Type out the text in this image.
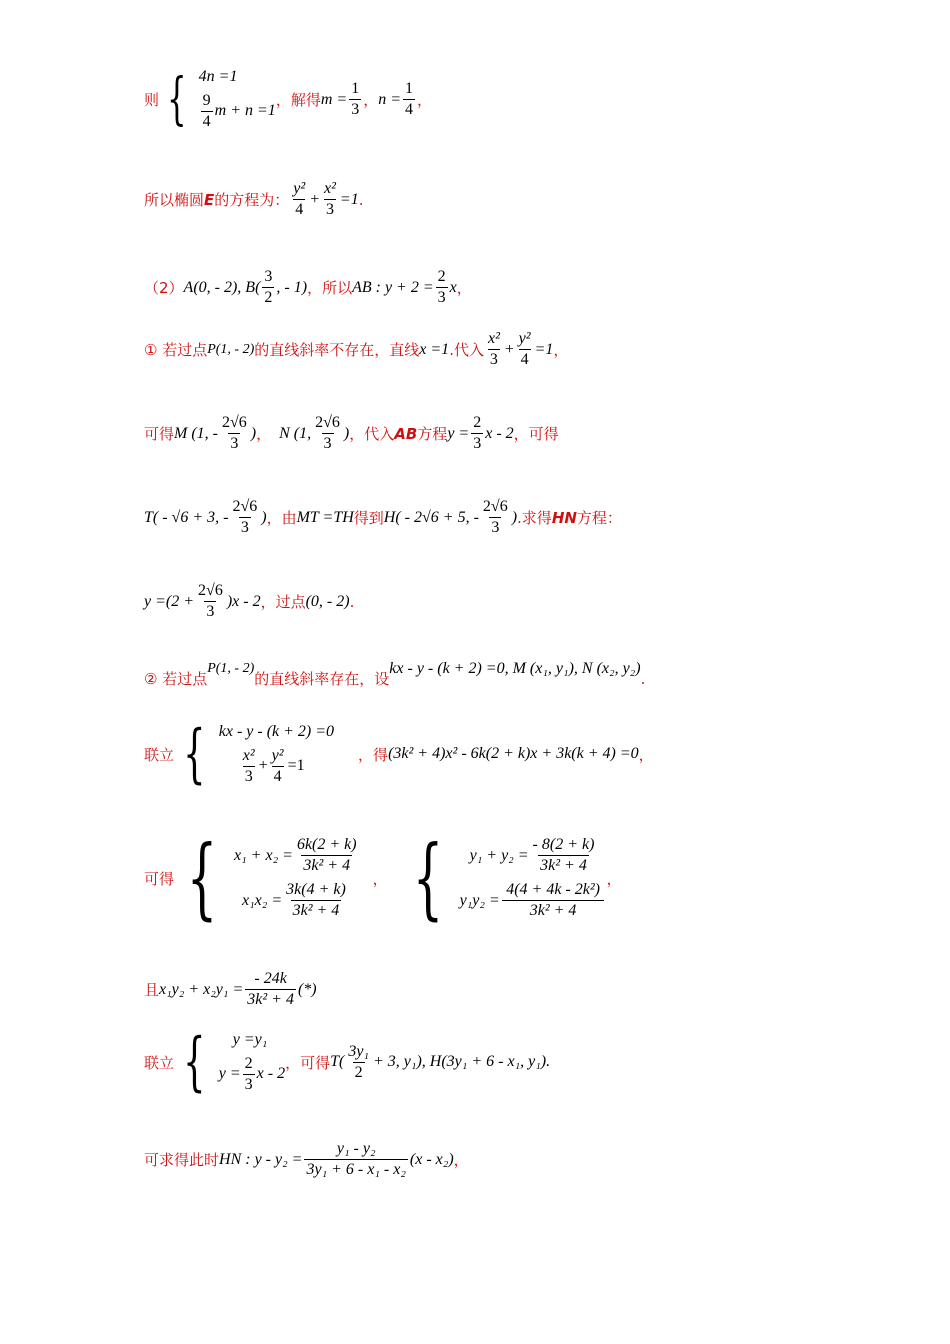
则 { 4n =1
$\frac{9}{4}$ m + n =1
，解得 $m = \frac{1}{3}$ ， $n = \frac{1}{4}$ ，
所以椭圆 E 的方程为： $\frac{\text{y²}}{4} + \frac{\text{x²}}{3} =1$ .
（2） A(0, - 2), $B( \frac{3}{2}$ , - 1) ，所以 AB : $y + 2 = \frac{2}{3}$ x ，
① 若过点 P(1, - 2) 的直线斜率不存在，直线 x =1 .代入 $\frac{\text{x²}}{3} + \frac{\text{y²}}{4} =1$ ，
可得 M (1, - $\frac{2√6}{3}$ ) ， N (1, $\frac{2√6}{3}$ ) ，代入 AB 方程 $y = \frac{2}{3}$ x - 2 ，可得
T( - √6 + 3, - $\frac{2√6}{3}$ ) ，由 MT =TH 得到 H( - 2√6 + 5, - $\frac{2√6}{3}$ ) .求得 HN 方程：
$y =(2 + \frac{2√6}{3} )x - 2$ ，过点 (0, - 2) .
② 若过点
P(1, - 2)
的直线斜率存在，设
kx - y - (k + 2) =0, M (x₁, y₁), N (x₂, y₂)
.
联立 { kx - y - (k + 2) =0
$\frac{\text{x²}}{3} + \frac{\text{y²}}{4} =1$
，得 (3k² + 4)x² - 6k(2 + k)x + 3k(k + 4) =0 ，
可得 { $x_1 + x_2 = \frac{6k(2 + k)}{\text{3k² + 4}}$
$x_1x_2 = \frac{3k(4 + k)}{\text{3k² + 4}}$
， { $y_1 + y_2 = \frac{- 8(2 + k)}{\text{3k² + 4}}$
$y_1y_2 = \frac{\text{4(4 + 4k - 2k²)}}{\text{3k² + 4}}$
，
且 $x_1y_2 + x_2y_1 = \frac{- 24k}{\text{3k² + 4}}$ (*)
联立 {	y =y₁
$y = \frac{2}{3}$ x - 2
，可得 $T( \frac{\text{3y₁}}{2} + 3$, y₁), H(3y₁ + 6 - x₁, y₁).
可求得此时 HN : $y - y_2 = \frac{\text{y₁ - y₂}}{\text{3y₁ + 6 - x₁ - x₂}} (x - x_2)$ ，
